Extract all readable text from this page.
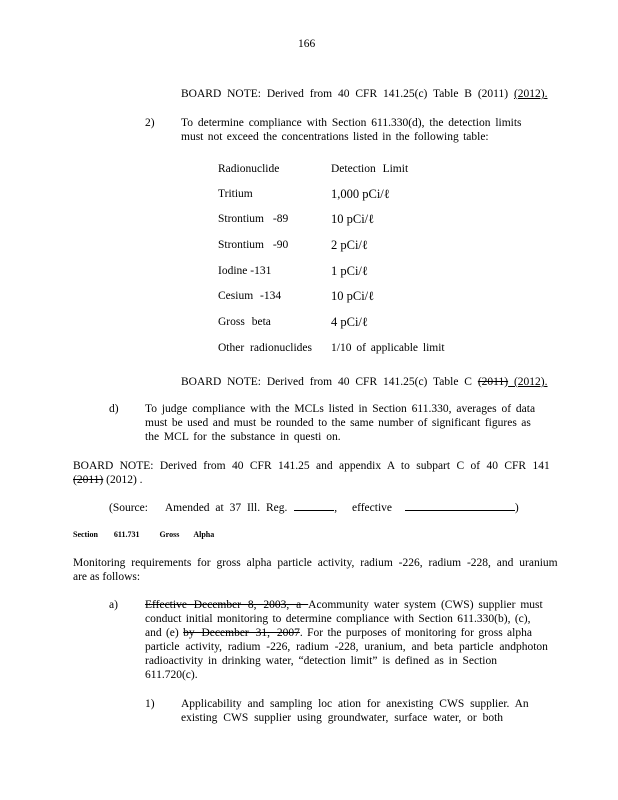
166
BOARD NOTE: Derived from 40 CFR 141.25(c) Table B (2011) (2012).
2) To determine compliance with Section 611.330(d), the detection limits
must not exceed the concentrations listed in the following table:
Radionuclide	Detection Limit
Tritium	1,000 pCi/ℓ
Strontium -89	10 pCi/ℓ
Strontium -90	2 pCi/ℓ
Iodine -131	1 pCi/ℓ
Cesium -134	10 pCi/ℓ
Gross beta	4 pCi/ℓ
Other radionuclides 1/10 of applicable limit
BOARD NOTE: Derived from 40 CFR 141.25(c) Table C (2011) (2012).
d) To judge compliance with the MCLs listed in Section 611.330, averages of data
must be used and must be rounded to the same number of significant figures as
the MCL for the substance in questi on.
BOARD NOTE: Derived from 40 CFR 141.25 and appendix A to subpart C of 40 CFR 141
(2011) (2012) .
(Source: Amended at 37 Ill. Reg.	, effective	)
Section 611.731	Gross Alpha
Monitoring requirements for gross alpha particle activity, radium -226, radium -228, and uranium
are as follows:
a) Effective December 8, 2003, a Acommunity water system (CWS) supplier must
conduct initial monitoring to determine compliance with Section 611.330(b), (c),
and (e) by December 31, 2007. For the purposes of monitoring for gross alpha
particle activity, radium -226, radium -228, uranium, and beta particle andphoton
radioactivity in drinking water, “detection limit” is defined as in Section
611.720(c).
1) Applicability and sampling loc ation for anexisting CWS supplier. An
existing CWS supplier using groundwater, surface water, or both
